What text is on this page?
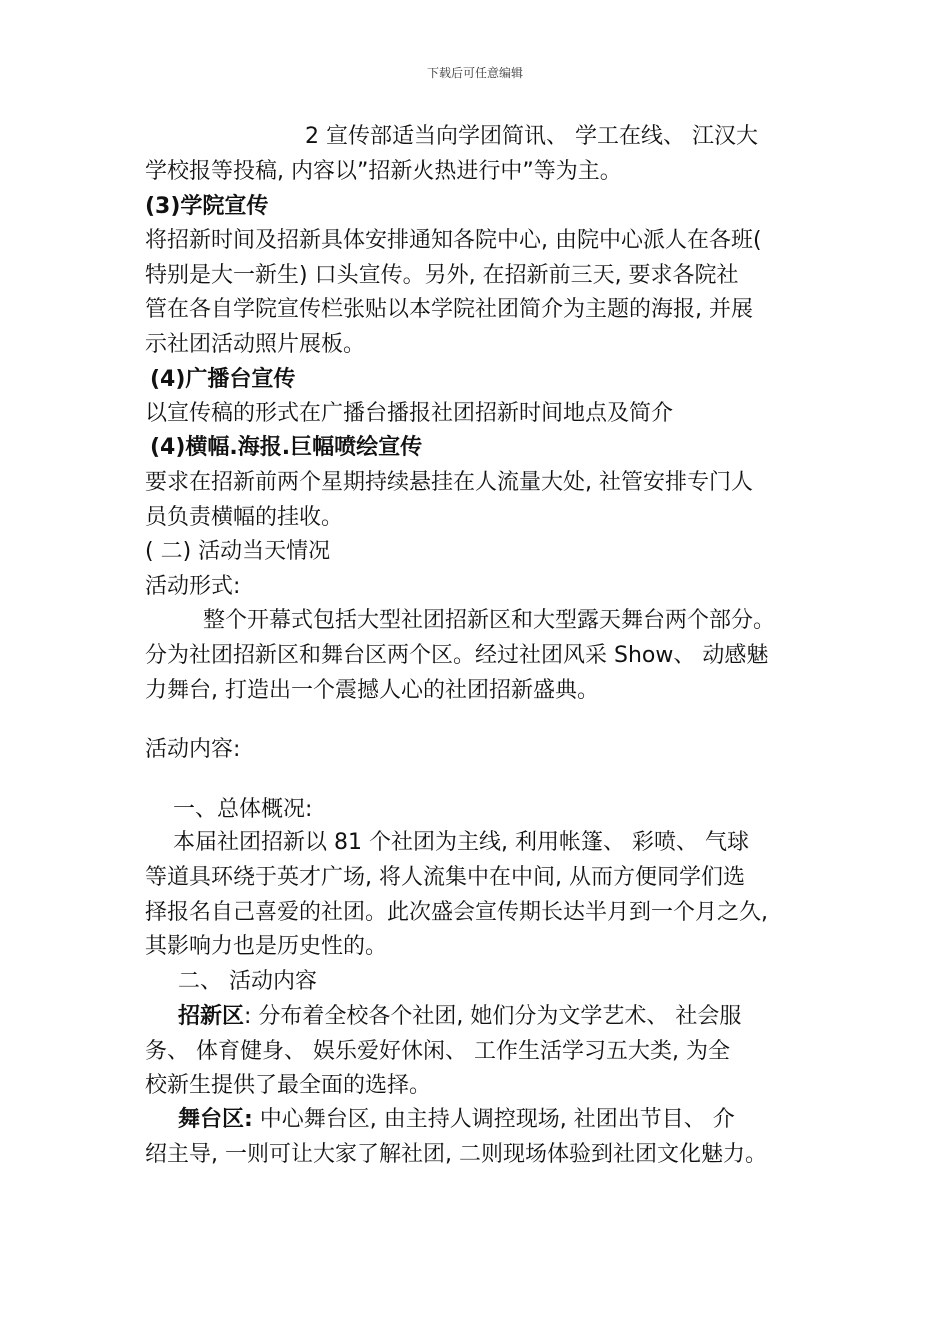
下载后可任意编辑
2 宣传部适当向学团简讯、 学工在线、 江汉大
学校报等投稿, 内容以”招新火热进行中”等为主。
(3)学院宣传
将招新时间及招新具体安排通知各院中心, 由院中心派人在各班(
特别是大一新生) 口头宣传。另外, 在招新前三天, 要求各院社
管在各自学院宣传栏张贴以本学院社团简介为主题的海报, 并展
示社团活动照片展板。
(4)广播台宣传
以宣传稿的形式在广播台播报社团招新时间地点及简介
(4)横幅.海报.巨幅喷绘宣传
要求在招新前两个星期持续悬挂在人流量大处, 社管安排专门人
员负责横幅的挂收。
( 二) 活动当天情况
活动形式:
整个开幕式包括大型社团招新区和大型露天舞台两个部分。
分为社团招新区和舞台区两个区。经过社团风采 Show、 动感魅
力舞台, 打造出一个震撼人心的社团招新盛典。
活动内容:
一、总体概况:
本届社团招新以 81 个社团为主线, 利用帐篷、 彩喷、 气球
等道具环绕于英才广场, 将人流集中在中间, 从而方便同学们选
择报名自己喜爱的社团。此次盛会宣传期长达半月到一个月之久,
其影响力也是历史性的。
二、 活动内容
招新区: 分布着全校各个社团, 她们分为文学艺术、 社会服
务、 体育健身、 娱乐爱好休闲、 工作生活学习五大类, 为全
校新生提供了最全面的选择。
舞台区: 中心舞台区, 由主持人调控现场, 社团出节目、 介
绍主导, 一则可让大家了解社团, 二则现场体验到社团文化魅力。
